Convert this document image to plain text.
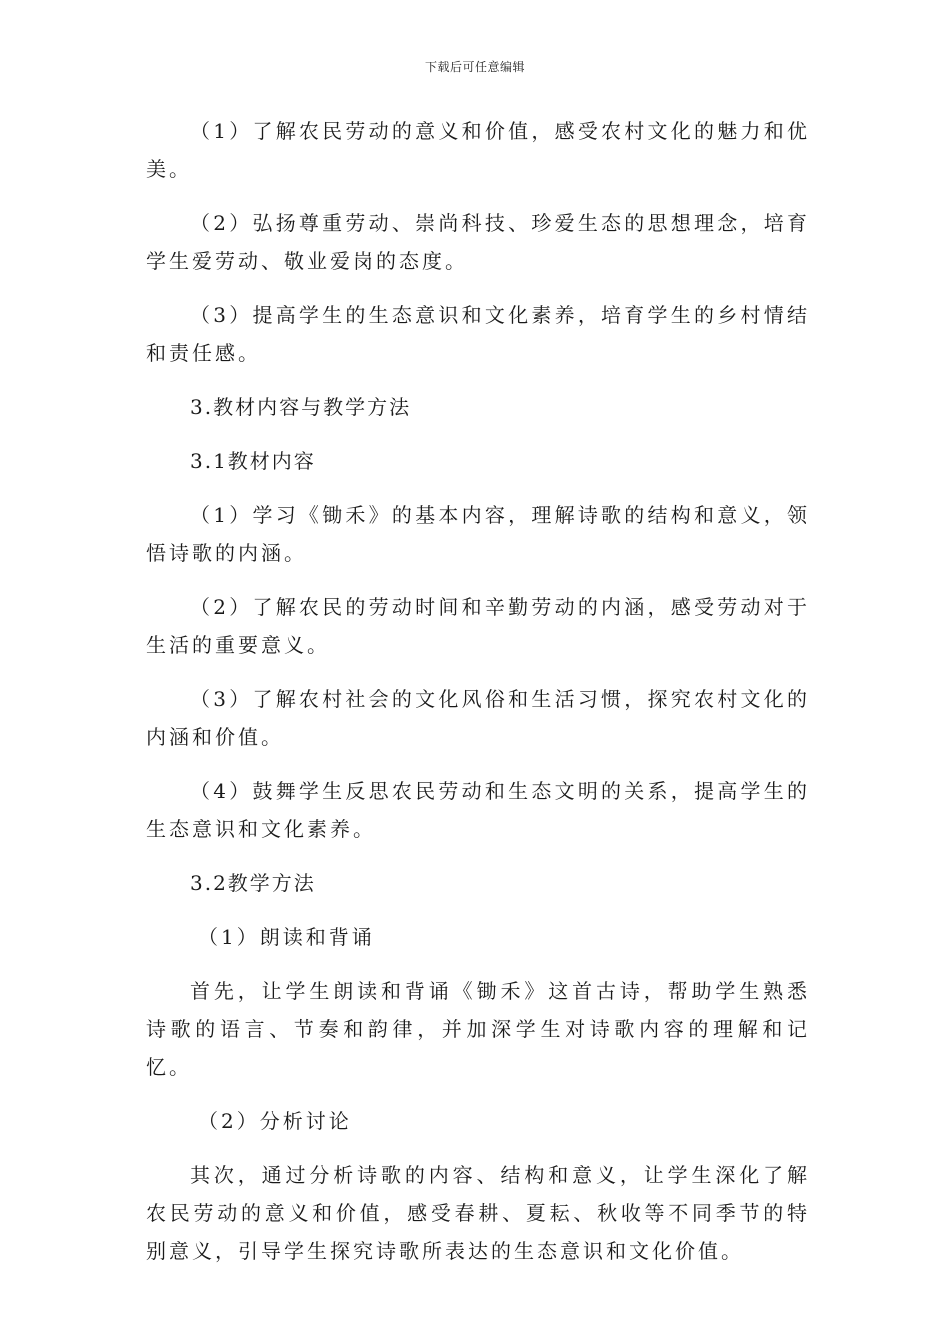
下载后可任意编辑

（1）了解农民劳动的意义和价值，感受农村文化的魅力和优美。

（2）弘扬尊重劳动、崇尚科技、珍爱生态的思想理念，培育学生爱劳动、敬业爱岗的态度。

（3）提高学生的生态意识和文化素养，培育学生的乡村情结和责任感。

3.教材内容与教学方法

3.1教材内容

（1）学习《锄禾》的基本内容，理解诗歌的结构和意义，领悟诗歌的内涵。

（2）了解农民的劳动时间和辛勤劳动的内涵，感受劳动对于生活的重要意义。

（3）了解农村社会的文化风俗和生活习惯，探究农村文化的内涵和价值。

（4）鼓舞学生反思农民劳动和生态文明的关系，提高学生的生态意识和文化素养。

3.2教学方法

（1）朗读和背诵

首先，让学生朗读和背诵《锄禾》这首古诗，帮助学生熟悉诗歌的语言、节奏和韵律，并加深学生对诗歌内容的理解和记忆。

（2）分析讨论

其次，通过分析诗歌的内容、结构和意义，让学生深化了解农民劳动的意义和价值，感受春耕、夏耘、秋收等不同季节的特别意义，引导学生探究诗歌所表达的生态意识和文化价值。
